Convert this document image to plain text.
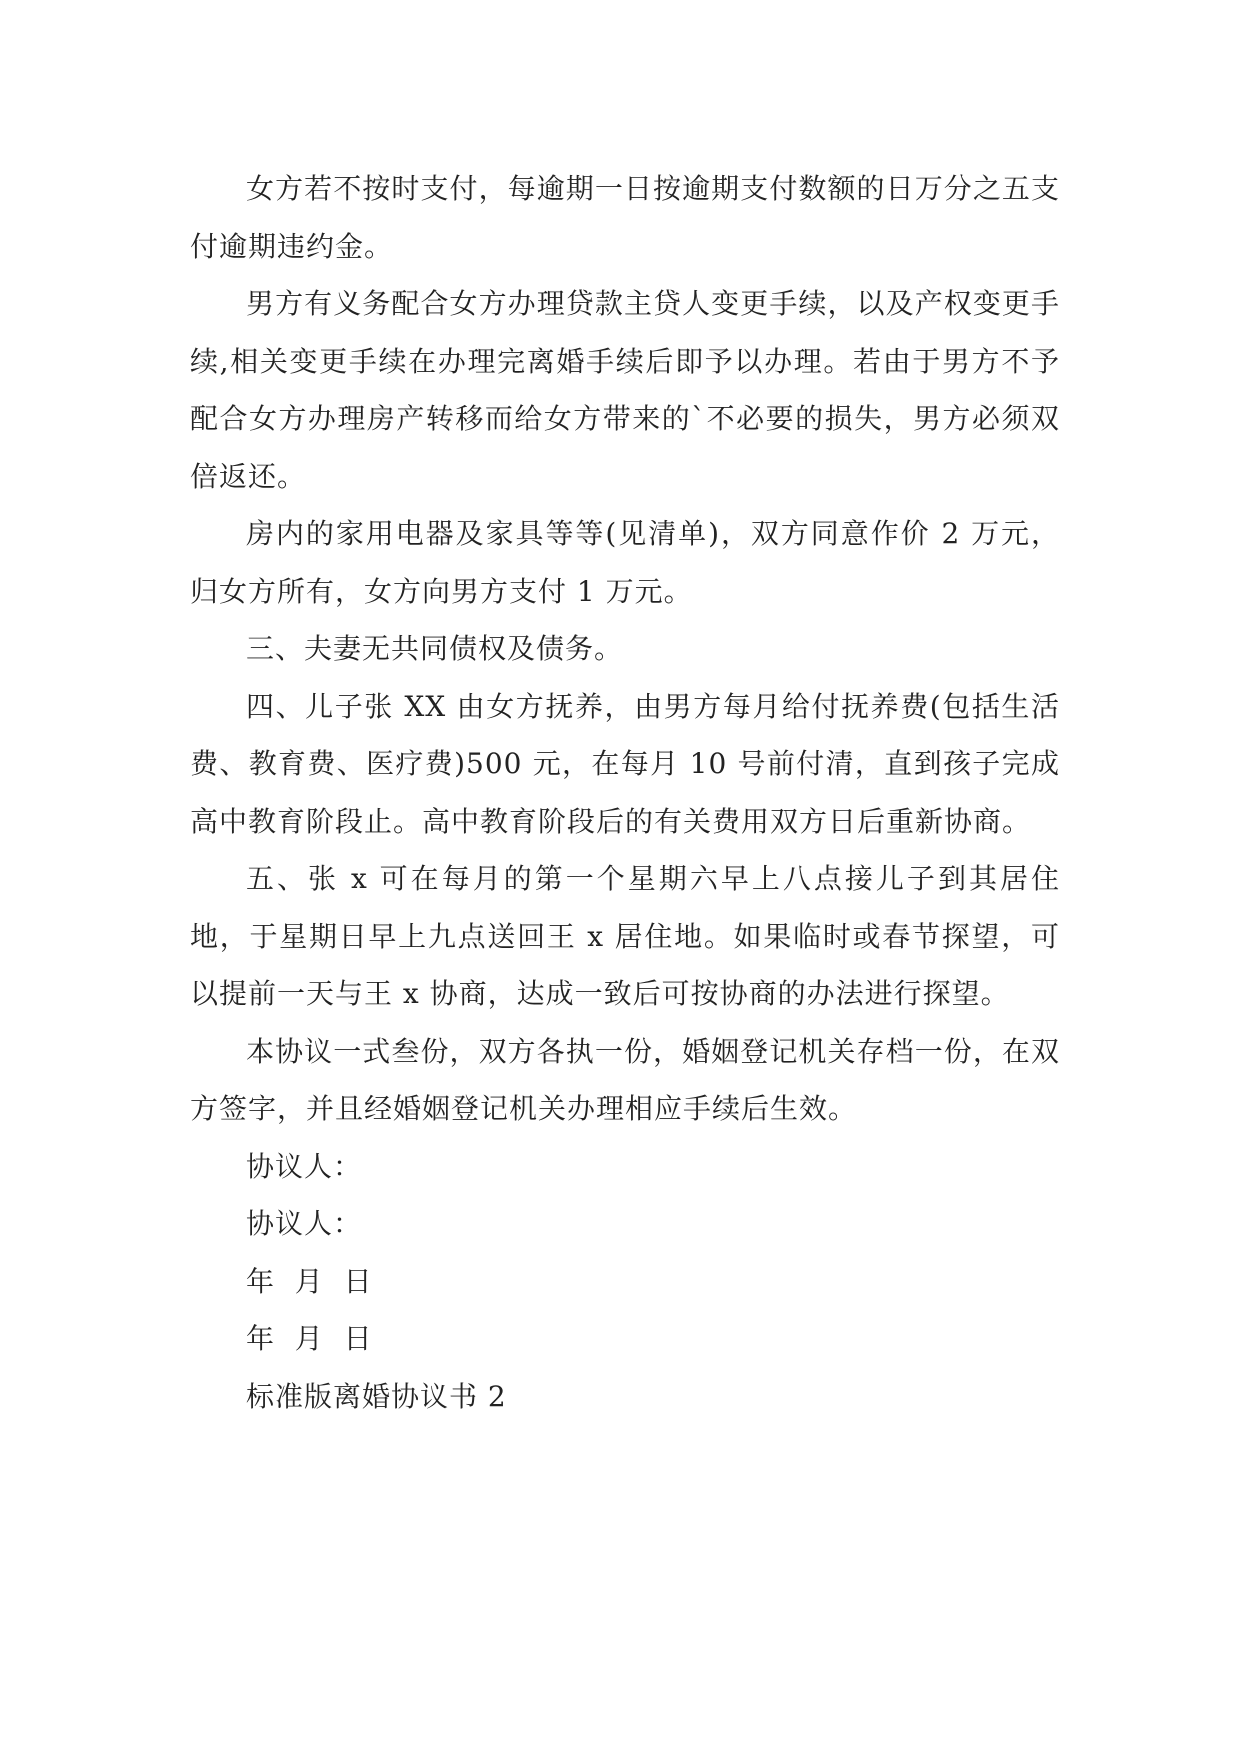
女方若不按时支付，每逾期一日按逾期支付数额的日万分之五支付逾期违约金。

男方有义务配合女方办理贷款主贷人变更手续，以及产权变更手续,相关变更手续在办理完离婚手续后即予以办理。若由于男方不予配合女方办理房产转移而给女方带来的`不必要的损失，男方必须双倍返还。

房内的家用电器及家具等等(见清单)，双方同意作价 2 万元，归女方所有，女方向男方支付 1 万元。

三、夫妻无共同债权及债务。

四、儿子张 XX 由女方抚养，由男方每月给付抚养费(包括生活费、教育费、医疗费)500 元，在每月 10 号前付清，直到孩子完成高中教育阶段止。高中教育阶段后的有关费用双方日后重新协商。

五、张 x 可在每月的第一个星期六早上八点接儿子到其居住地，于星期日早上九点送回王 x 居住地。如果临时或春节探望，可以提前一天与王 x 协商，达成一致后可按协商的办法进行探望。

本协议一式叁份，双方各执一份，婚姻登记机关存档一份，在双方签字，并且经婚姻登记机关办理相应手续后生效。

协议人：

协议人：

年  月  日

年  月  日

标准版离婚协议书 2
